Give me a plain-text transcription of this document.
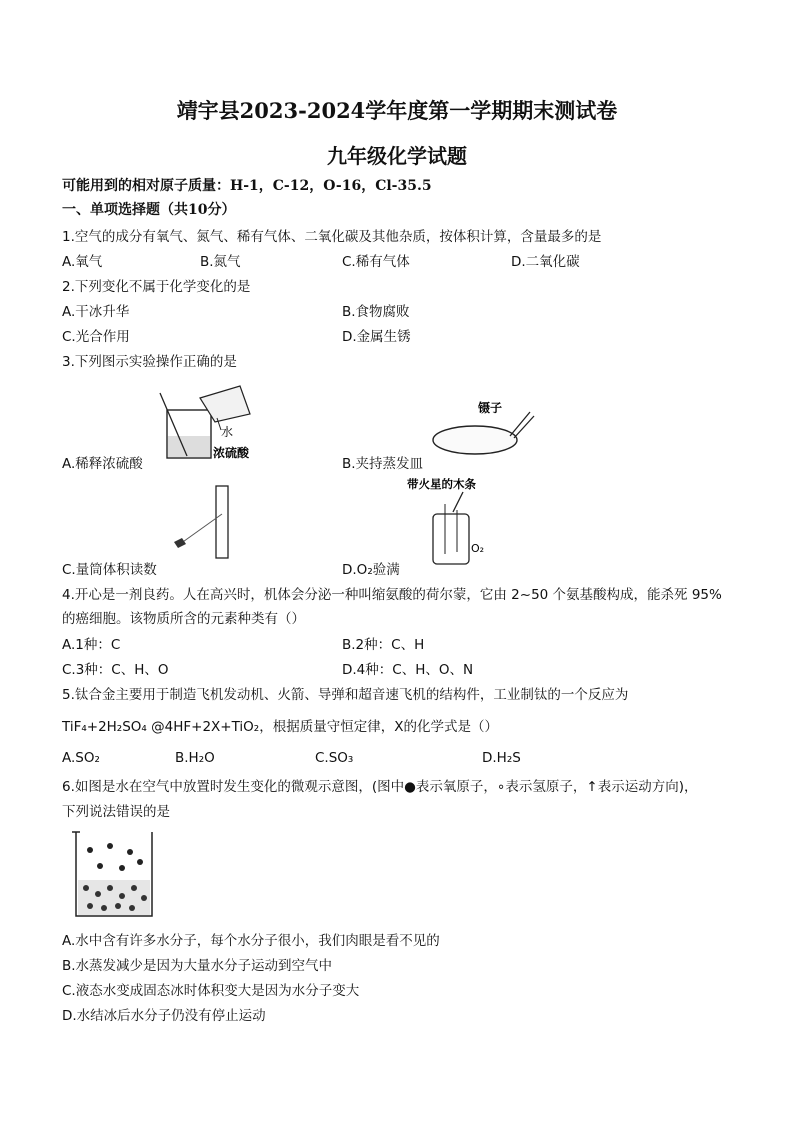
靖宇县2023-2024学年度第一学期期末测试卷
九年级化学试题
可能用到的相对原子质量：H-1，C-12，O-16，Cl-35.5
一、单项选择题（共10分）
1.空气的成分有氧气、氮气、稀有气体、二氧化碳及其他杂质，按体积计算，含量最多的是
A.氧气	B.氮气	C.稀有气体	D.二氧化碳
2.下列变化不属于化学变化的是
A.干冰升华	B.食物腐败
C.光合作用	D.金属生锈
3.下列图示实验操作正确的是
水
浓硫酸
A.稀释浓硫酸
镊子
B.夹持蒸发皿
C.量筒体积读数
带火星的木条
O₂
D.O₂验满
4.开心是一剂良药。人在高兴时，机体会分泌一种叫缩氨酸的荷尔蒙，它由 2~50 个氨基酸构成，能杀死 95%
的癌细胞。该物质所含的元素种类有（）
A.1种：C	B.2种：C、H
C.3种：C、H、O	D.4种：C、H、O、N
5.钛合金主要用于制造飞机发动机、火箭、导弹和超音速飞机的结构件，工业制钛的一个反应为
TiF₄+2H₂SO₄ @4HF+2X+TiO₂，根据质量守恒定律，X的化学式是（）
A.SO₂	B.H₂O	C.SO₃	D.H₂S
6.如图是水在空气中放置时发生变化的微观示意图，(图中●表示氧原子，∘表示氢原子，↑表示运动方向)，
下列说法错误的是
A.水中含有许多水分子，每个水分子很小，我们肉眼是看不见的
B.水蒸发减少是因为大量水分子运动到空气中
C.液态水变成固态冰时体积变大是因为水分子变大
D.水结冰后水分子仍没有停止运动
